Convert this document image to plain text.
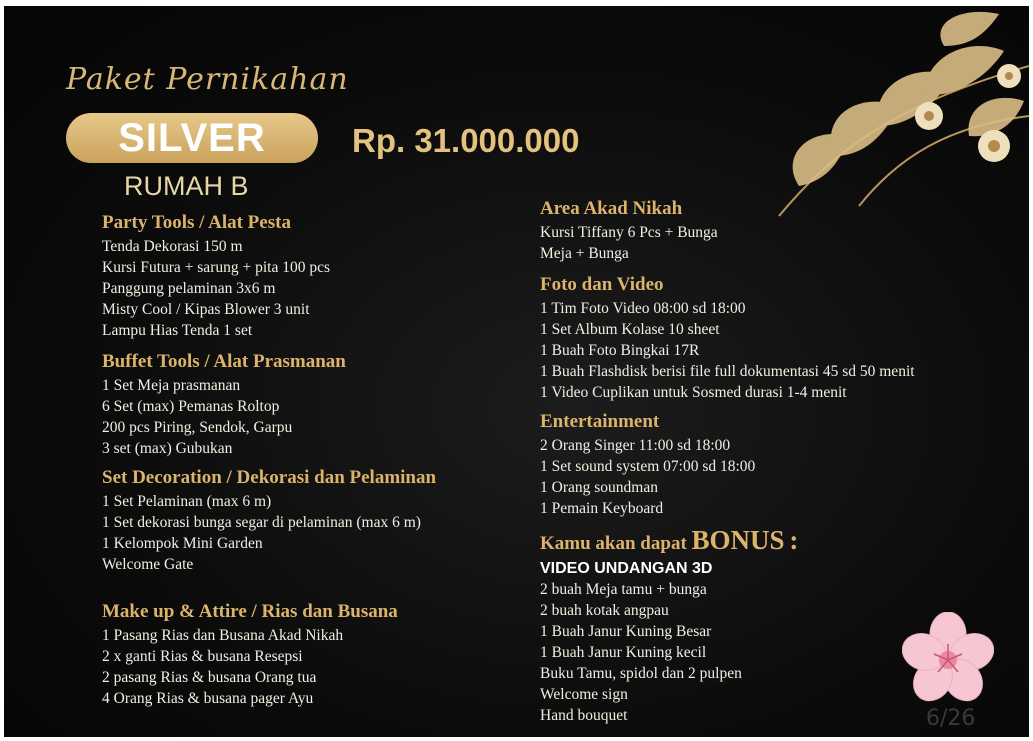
Paket Pernikahan
SILVER	Rp. 31.000.000
RUMAH B
Party Tools / Alat Pesta
Tenda Dekorasi 150 m
Kursi Futura + sarung + pita 100 pcs
Panggung pelaminan 3x6 m
Misty Cool / Kipas Blower 3 unit
Lampu Hias Tenda 1 set
Buffet Tools / Alat Prasmanan
1 Set Meja prasmanan
6 Set (max) Pemanas Roltop
200 pcs Piring, Sendok, Garpu
3 set (max) Gubukan
Set Decoration / Dekorasi dan Pelaminan
1 Set Pelaminan (max 6 m)
1 Set dekorasi bunga segar di pelaminan (max 6 m)
1 Kelompok Mini Garden
Welcome Gate
Make up & Attire / Rias dan Busana
1 Pasang Rias dan Busana Akad Nikah
2 x ganti Rias & busana Resepsi
2 pasang Rias & busana Orang tua
4 Orang Rias & busana pager Ayu
Area Akad Nikah
Kursi Tiffany 6 Pcs + Bunga
Meja + Bunga
Foto dan Video
1 Tim Foto Video 08:00 sd 18:00
1 Set Album Kolase 10 sheet
1 Buah Foto Bingkai 17R
1 Buah Flashdisk berisi file full dokumentasi 45 sd 50 menit
1 Video Cuplikan untuk Sosmed durasi 1-4 menit
Entertainment
2 Orang Singer 11:00 sd 18:00
1 Set sound system 07:00 sd 18:00
1 Orang soundman
1 Pemain Keyboard
Kamu akan dapat BONUS :
VIDEO UNDANGAN 3D
2 buah Meja tamu + bunga
2 buah kotak angpau
1 Buah Janur Kuning Besar
1 Buah Janur Kuning kecil
Buku Tamu, spidol dan 2 pulpen
Welcome sign
Hand bouquet	6/26
